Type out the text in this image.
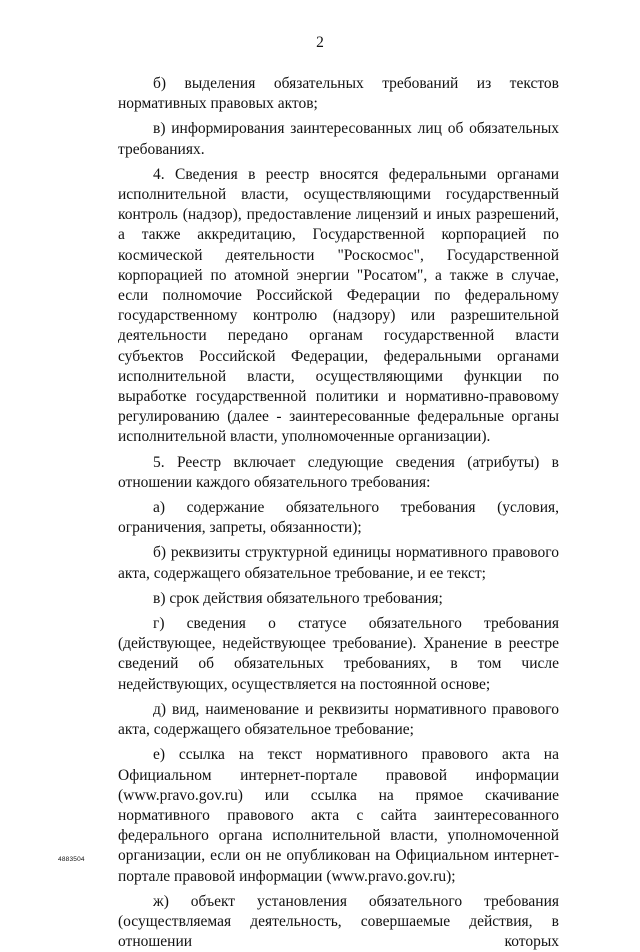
2

б) выделения обязательных требований из текстов нормативных правовых актов;

в) информирования заинтересованных лиц об обязательных требованиях.

4. Сведения в реестр вносятся федеральными органами исполнительной власти, осуществляющими государственный контроль (надзор), предоставление лицензий и иных разрешений, а также аккредитацию, Государственной корпорацией по космической деятельности "Роскосмос", Государственной корпорацией по атомной энергии "Росатом", а также в случае, если полномочие Российской Федерации по федеральному государственному контролю (надзору) или разрешительной деятельности передано органам государственной власти субъектов Российской Федерации, федеральными органами исполнительной власти, осуществляющими функции по выработке государственной политики и нормативно-правовому регулированию (далее - заинтересованные федеральные органы исполнительной власти, уполномоченные организации).

5. Реестр включает следующие сведения (атрибуты) в отношении каждого обязательного требования:

а) содержание обязательного требования (условия, ограничения, запреты, обязанности);

б) реквизиты структурной единицы нормативного правового акта, содержащего обязательное требование, и ее текст;

в) срок действия обязательного требования;

г) сведения о статусе обязательного требования (действующее, недействующее требование). Хранение в реестре сведений об обязательных требованиях, в том числе недействующих, осуществляется на постоянной основе;

д) вид, наименование и реквизиты нормативного правового акта, содержащего обязательное требование;

е) ссылка на текст нормативного правового акта на Официальном интернет-портале правовой информации (www.pravo.gov.ru) или ссылка на прямое скачивание нормативного правового акта с сайта заинтересованного федерального органа исполнительной власти, уполномоченной организации, если он не опубликован на Официальном интернет-портале правовой информации (www.pravo.gov.ru);

ж) объект установления обязательного требования (осуществляемая деятельность, совершаемые действия, в отношении которых

4883504
